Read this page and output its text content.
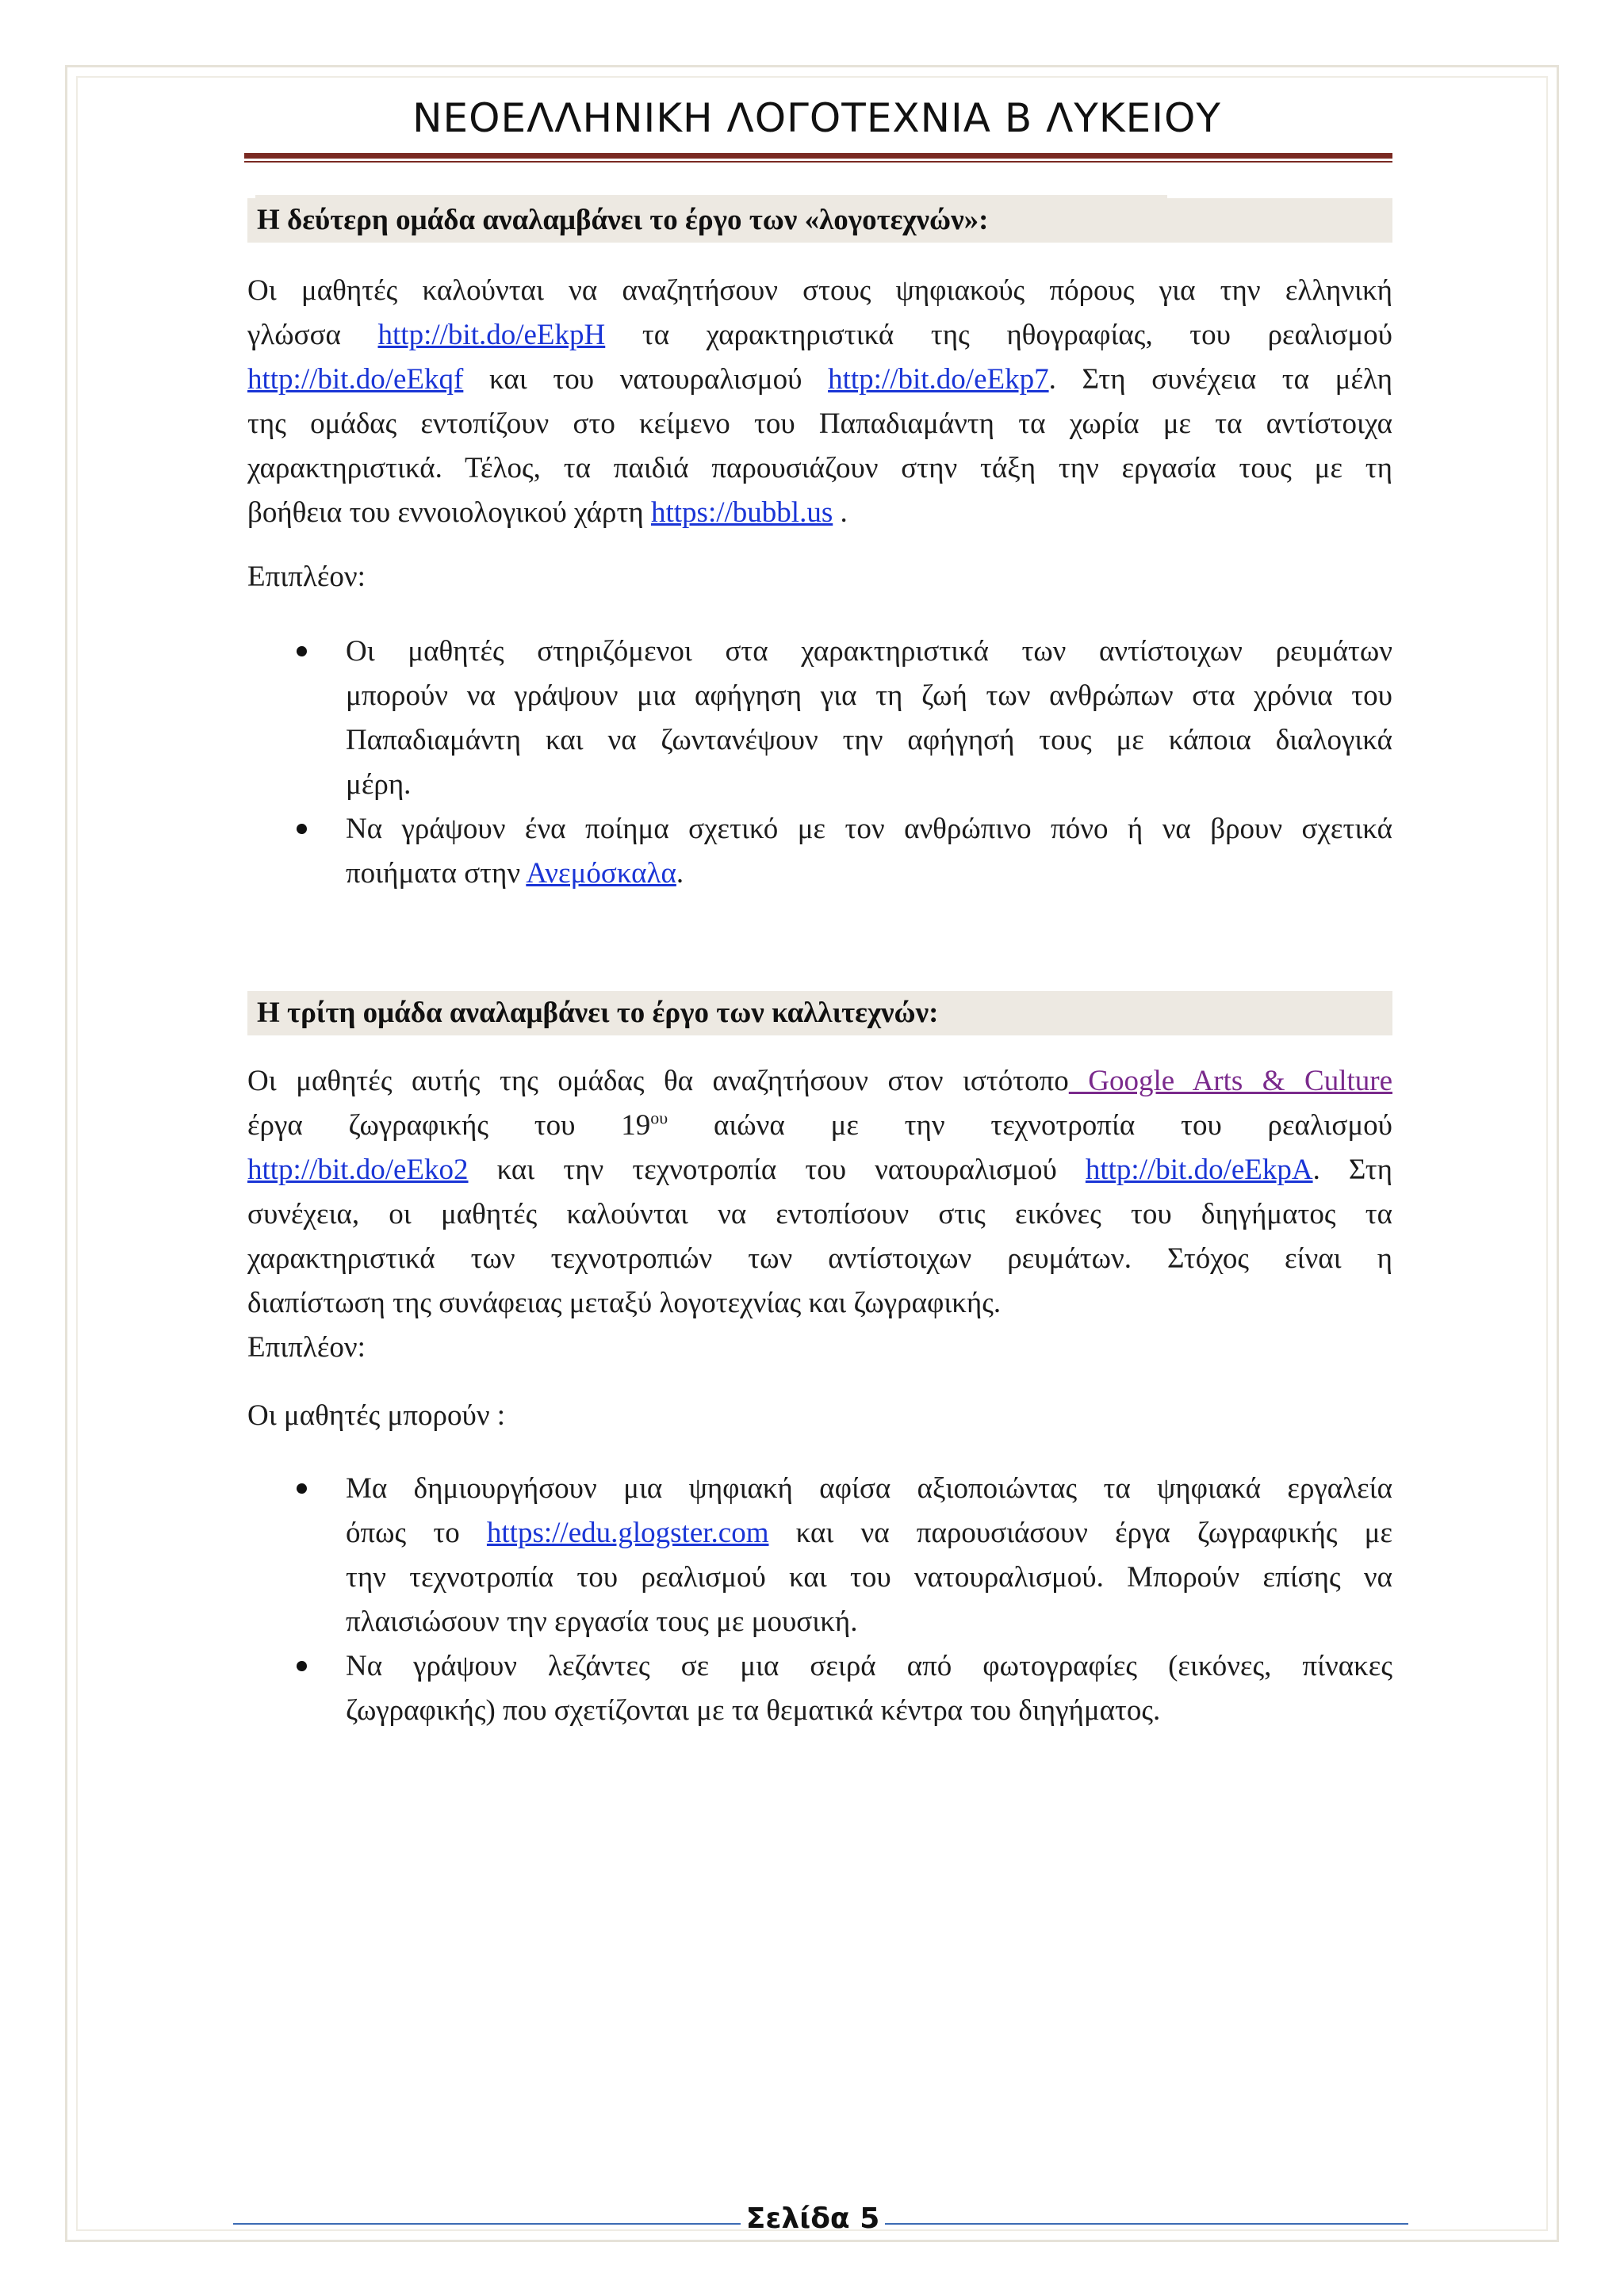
ΝΕΟΕΛΛΗΝΙΚΗ ΛΟΓΟΤΕΧΝΙΑ Β ΛΥΚΕΙΟΥ
Η δεύτερη ομάδα αναλαμβάνει το έργο των «λογοτεχνών»:
Οι μαθητές καλούνται να αναζητήσουν στους ψηφιακούς πόρους για την ελληνική
γλώσσα http://bit.do/eEkpH τα χαρακτηριστικά της ηθογραφίας, του ρεαλισμού
http://bit.do/eEkqf και του νατουραλισμού http://bit.do/eEkp7. Στη συνέχεια τα μέλη
της ομάδας εντοπίζουν στο κείμενο του Παπαδιαμάντη τα χωρία με τα αντίστοιχα
χαρακτηριστικά. Τέλος, τα παιδιά παρουσιάζουν στην τάξη την εργασία τους με τη
βοήθεια του εννοιολογικού χάρτη https://bubbl.us .
Επιπλέον:
Οι μαθητές στηριζόμενοι στα χαρακτηριστικά των αντίστοιχων ρευμάτων
μπορούν να γράψουν μια αφήγηση για τη ζωή των ανθρώπων στα χρόνια του
Παπαδιαμάντη και να ζωντανέψουν την αφήγησή τους με κάποια διαλογικά
μέρη.
Να γράψουν ένα ποίημα σχετικό με τον ανθρώπινο πόνο ή να βρουν σχετικά
ποιήματα στην Ανεμόσκαλα.
Η τρίτη ομάδα αναλαμβάνει το έργο των καλλιτεχνών:
Οι μαθητές αυτής της ομάδας θα αναζητήσουν στον ιστότοπο Google Arts & Culture
έργα ζωγραφικής του $19^{o\upsilon}$ αιώνα με την τεχνοτροπία του ρεαλισμού
http://bit.do/eEko2 και την τεχνοτροπία του νατουραλισμού http://bit.do/eEkpA. Στη
συνέχεια, οι μαθητές καλούνται να εντοπίσουν στις εικόνες του διηγήματος τα
χαρακτηριστικά των τεχνοτροπιών των αντίστοιχων ρευμάτων. Στόχος είναι η
διαπίστωση της συνάφειας μεταξύ λογοτεχνίας και ζωγραφικής.
Επιπλέον:
Οι μαθητές μπορούν :
Μα δημιουργήσουν μια ψηφιακή αφίσα αξιοποιώντας τα ψηφιακά εργαλεία
όπως το https://edu.glogster.com και να παρουσιάσουν έργα ζωγραφικής με
την τεχνοτροπία του ρεαλισμού και του νατουραλισμού. Μπορούν επίσης να
πλαισιώσουν την εργασία τους με μουσική.
Να γράψουν λεζάντες σε μια σειρά από φωτογραφίες (εικόνες, πίνακες
ζωγραφικής) που σχετίζονται με τα θεματικά κέντρα του διηγήματος.
Σελίδα 5
